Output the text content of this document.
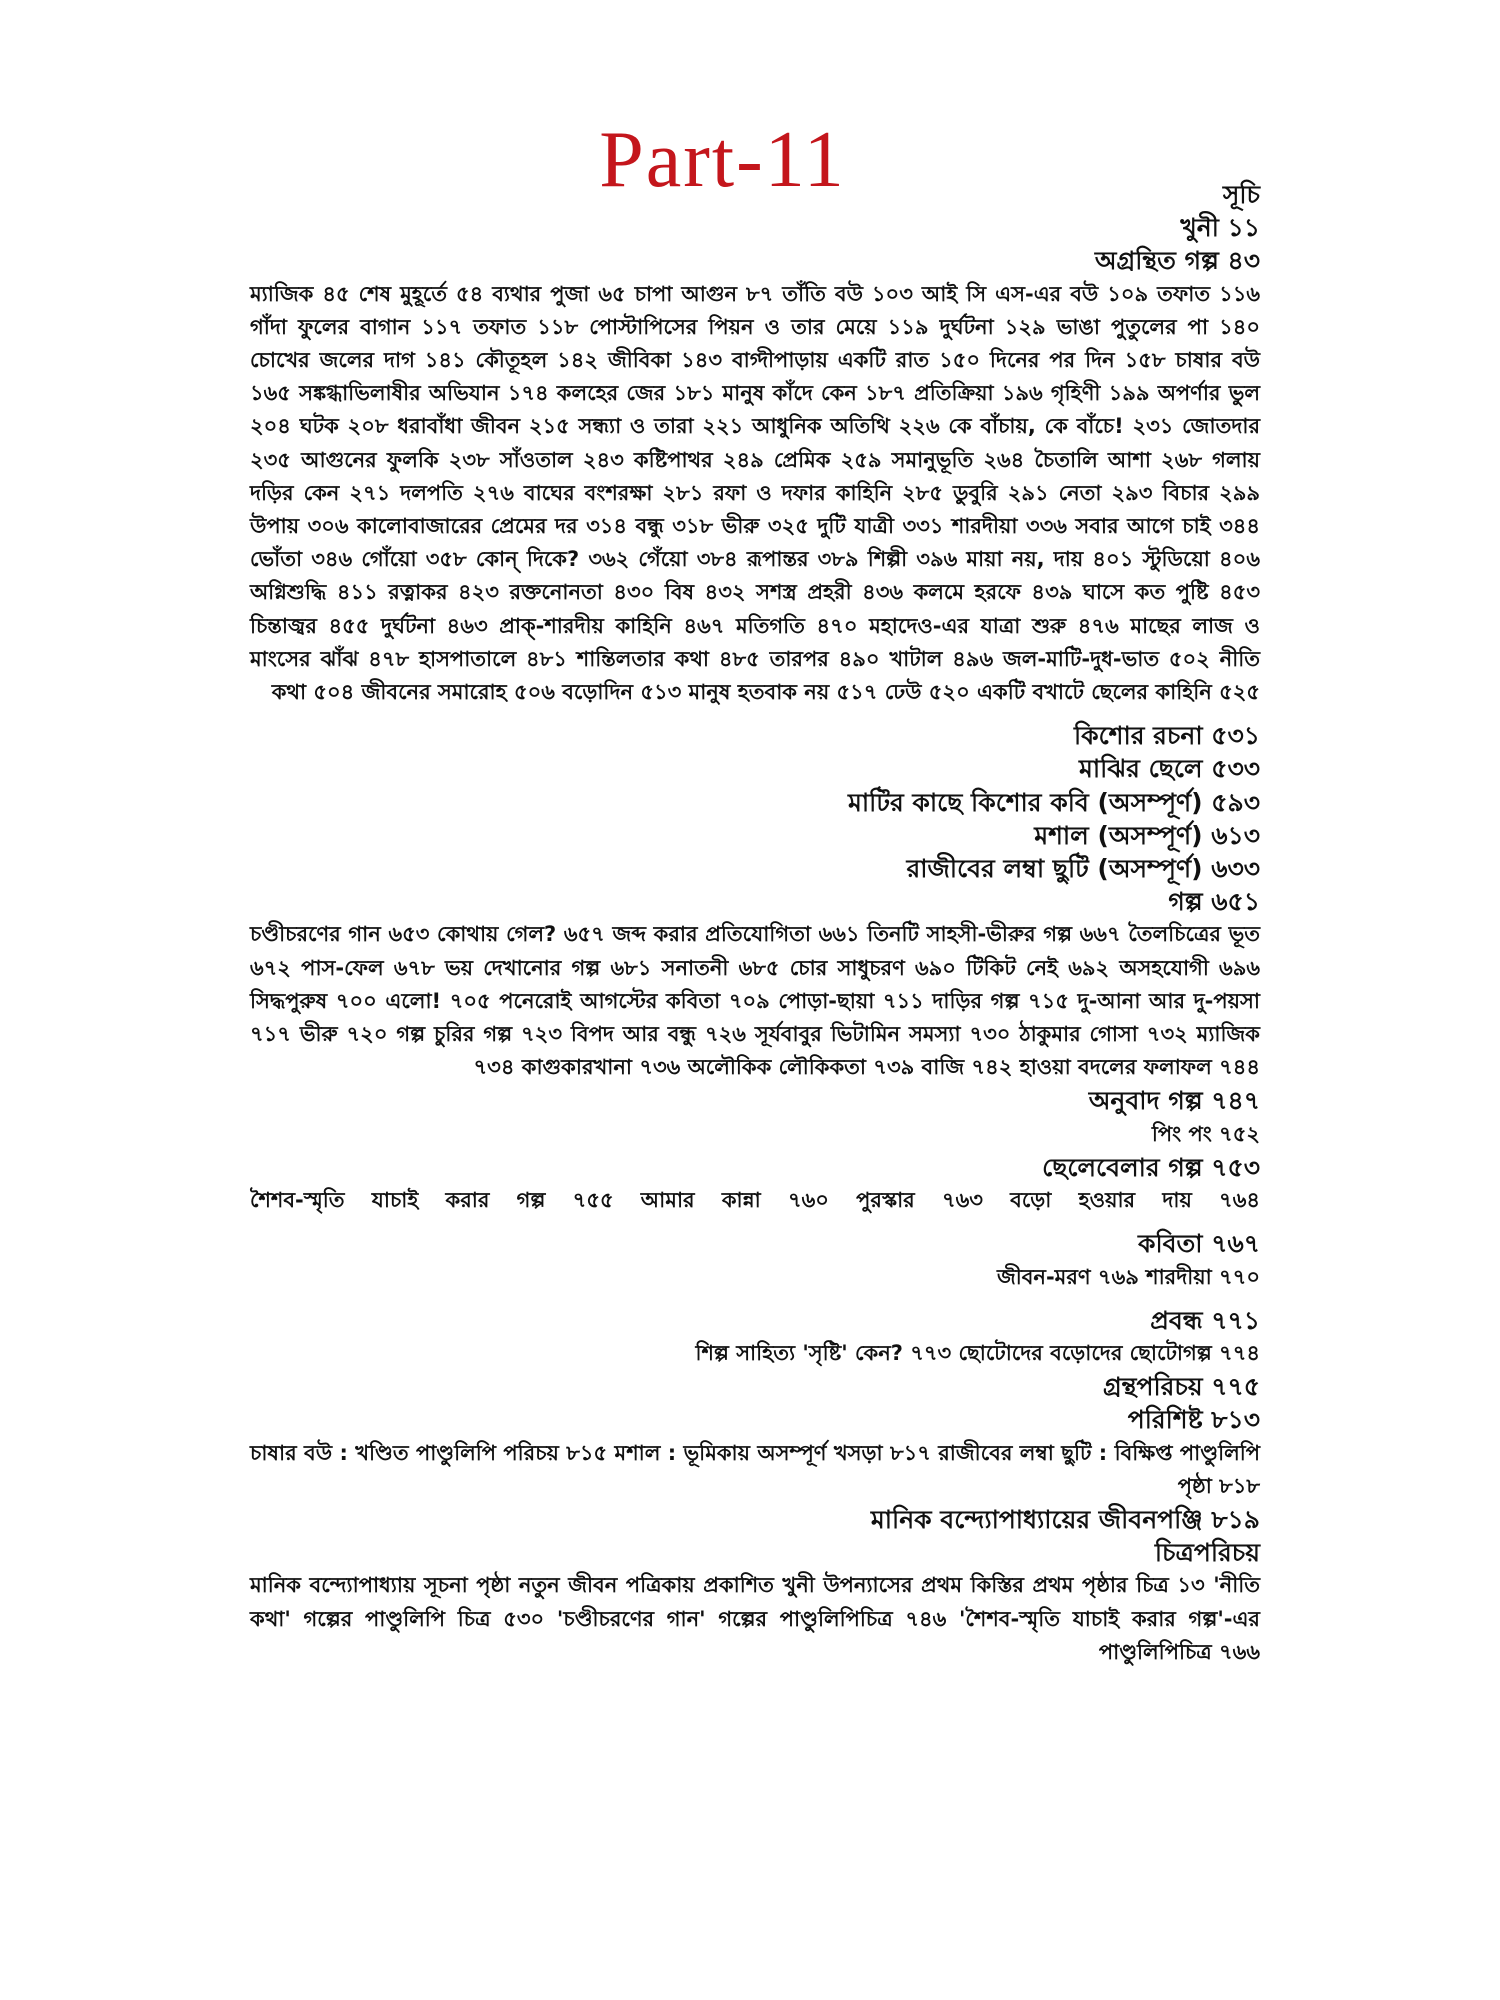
Part-11	সূচি
খুনী ১১
অগ্রন্থিত গল্প ৪৩
ম্যাজিক ৪৫ শেষ মুহূর্তে ৫৪ ব্যথার পুজা ৬৫ চাপা আগুন ৮৭ তাঁতি বউ ১০৩ আই সি এস-এর বউ ১০৯ তফাত ১১৬ গাঁদা ফুলের বাগান ১১৭ তফাত ১১৮ পোস্টাপিসের পিয়ন ও তার মেয়ে ১১৯ দুর্ঘটনা ১২৯ ভাঙা পুতুলের পা ১৪০ চোখের জলের দাগ ১৪১ কৌতূহল ১৪২ জীবিকা ১৪৩ বাগ্দীপাড়ায় একটি রাত ১৫০ দিনের পর দিন ১৫৮ চাষার বউ ১৬৫ সঙ্কগ্ধাভিলাষীর অভিযান ১৭৪ কলহের জের ১৮১ মানুষ কাঁদে কেন ১৮৭ প্রতিক্রিয়া ১৯৬ গৃহিণী ১৯৯ অপর্ণার ভুল ২০৪ ঘটক ২০৮ ধরাবাঁধা জীবন ২১৫ সন্ধ্যা ও তারা ২২১ আধুনিক অতিথি ২২৬ কে বাঁচায়, কে বাঁচে! ২৩১ জোতদার ২৩৫ আগুনের ফুলকি ২৩৮ সাঁওতাল ২৪৩ কষ্টিপাথর ২৪৯ প্রেমিক ২৫৯ সমানুভূতি ২৬৪ চৈতালি আশা ২৬৮ গলায় দড়ির কেন ২৭১ দলপতি ২৭৬ বাঘের বংশরক্ষা ২৮১ রফা ও দফার কাহিনি ২৮৫ ডুবুরি ২৯১ নেতা ২৯৩ বিচার ২৯৯ উপায় ৩০৬ কালোবাজারের প্রেমের দর ৩১৪ বন্ধু ৩১৮ ভীরু ৩২৫ দুটি যাত্রী ৩৩১ শারদীয়া ৩৩৬ সবার আগে চাই ৩৪৪ ভোঁতা ৩৪৬ গোঁয়ো ৩৫৮ কোন্ দিকে? ৩৬২ গেঁয়ো ৩৮৪ রূপান্তর ৩৮৯ শিল্পী ৩৯৬ মায়া নয়, দায় ৪০১ স্টুডিয়ো ৪০৬ অগ্নিশুদ্ধি ৪১১ রত্নাকর ৪২৩ রক্তনোনতা ৪৩০ বিষ ৪৩২ সশস্ত্র প্রহরী ৪৩৬ কলমে হরফে ৪৩৯ ঘাসে কত পুষ্টি ৪৫৩ চিন্তাজ্বর ৪৫৫ দুর্ঘটনা ৪৬৩ প্রাক্-শারদীয় কাহিনি ৪৬৭ মতিগতি ৪৭০ মহাদেও-এর যাত্রা শুরু ৪৭৬ মাছের লাজ ও মাংসের ঝাঁঝ ৪৭৮ হাসপাতালে ৪৮১ শান্তিলতার কথা ৪৮৫ তারপর ৪৯০ খাটাল ৪৯৬ জল-মাটি-দুধ-ভাত ৫০২ নীতি কথা ৫০৪ জীবনের সমারোহ ৫০৬ বড়োদিন ৫১৩ মানুষ হতবাক নয় ৫১৭ ঢেউ ৫২০ একটি বখাটে ছেলের কাহিনি ৫২৫
কিশোর রচনা ৫৩১
মাঝির ছেলে ৫৩৩
মাটির কাছে কিশোর কবি (অসম্পূর্ণ) ৫৯৩
মশাল (অসম্পূর্ণ) ৬১৩
রাজীবের লম্বা ছুটি (অসম্পূর্ণ) ৬৩৩
গল্প ৬৫১
চণ্ডীচরণের গান ৬৫৩ কোথায় গেল? ৬৫৭ জব্দ করার প্রতিযোগিতা ৬৬১ তিনটি সাহসী-ভীরুর গল্প ৬৬৭ তৈলচিত্রের ভূত ৬৭২ পাস-ফেল ৬৭৮ ভয় দেখানোর গল্প ৬৮১ সনাতনী ৬৮৫ চোর সাধুচরণ ৬৯০ টিকিট নেই ৬৯২ অসহযোগী ৬৯৬ সিদ্ধপুরুষ ৭০০ এলো! ৭০৫ পনেরোই আগস্টের কবিতা ৭০৯ পোড়া-ছায়া ৭১১ দাড়ির গল্প ৭১৫ দু-আনা আর দু-পয়সা ৭১৭ ভীরু ৭২০ গল্প চুরির গল্প ৭২৩ বিপদ আর বন্ধু ৭২৬ সূর্যবাবুর ভিটামিন সমস্যা ৭৩০ ঠাকুমার গোসা ৭৩২ ম্যাজিক ৭৩৪ কাগুকারখানা ৭৩৬ অলৌকিক লৌকিকতা ৭৩৯ বাজি ৭৪২ হাওয়া বদলের ফলাফল ৭৪৪
অনুবাদ গল্প ৭৪৭
পিং পং ৭৫২
ছেলেবেলার গল্প ৭৫৩
শৈশব-স্মৃতি যাচাই করার গল্প ৭৫৫ আমার কান্না ৭৬০ পুরস্কার ৭৬৩ বড়ো হওয়ার দায় ৭৬৪
কবিতা ৭৬৭
জীবন-মরণ ৭৬৯ শারদীয়া ৭৭০
প্রবন্ধ ৭৭১
শিল্প সাহিত্য 'সৃষ্টি' কেন? ৭৭৩ ছোটোদের বড়োদের ছোটোগল্প ৭৭৪
গ্রন্থপরিচয় ৭৭৫
পরিশিষ্ট ৮১৩
চাষার বউ : খণ্ডিত পাণ্ডুলিপি পরিচয় ৮১৫ মশাল : ভূমিকায় অসম্পূর্ণ খসড়া ৮১৭ রাজীবের লম্বা ছুটি : বিক্ষিপ্ত পাণ্ডুলিপি পৃষ্ঠা ৮১৮
মানিক বন্দ্যোপাধ্যায়ের জীবনপঞ্জি ৮১৯
চিত্রপরিচয়
মানিক বন্দ্যোপাধ্যায় সূচনা পৃষ্ঠা নতুন জীবন পত্রিকায় প্রকাশিত খুনী উপন্যাসের প্রথম কিস্তির প্রথম পৃষ্ঠার চিত্র ১৩ 'নীতি কথা' গল্পের পাণ্ডুলিপি চিত্র ৫৩০ 'চণ্ডীচরণের গান' গল্পের পাণ্ডুলিপিচিত্র ৭৪৬ 'শৈশব-স্মৃতি যাচাই করার গল্প'-এর পাণ্ডুলিপিচিত্র ৭৬৬
